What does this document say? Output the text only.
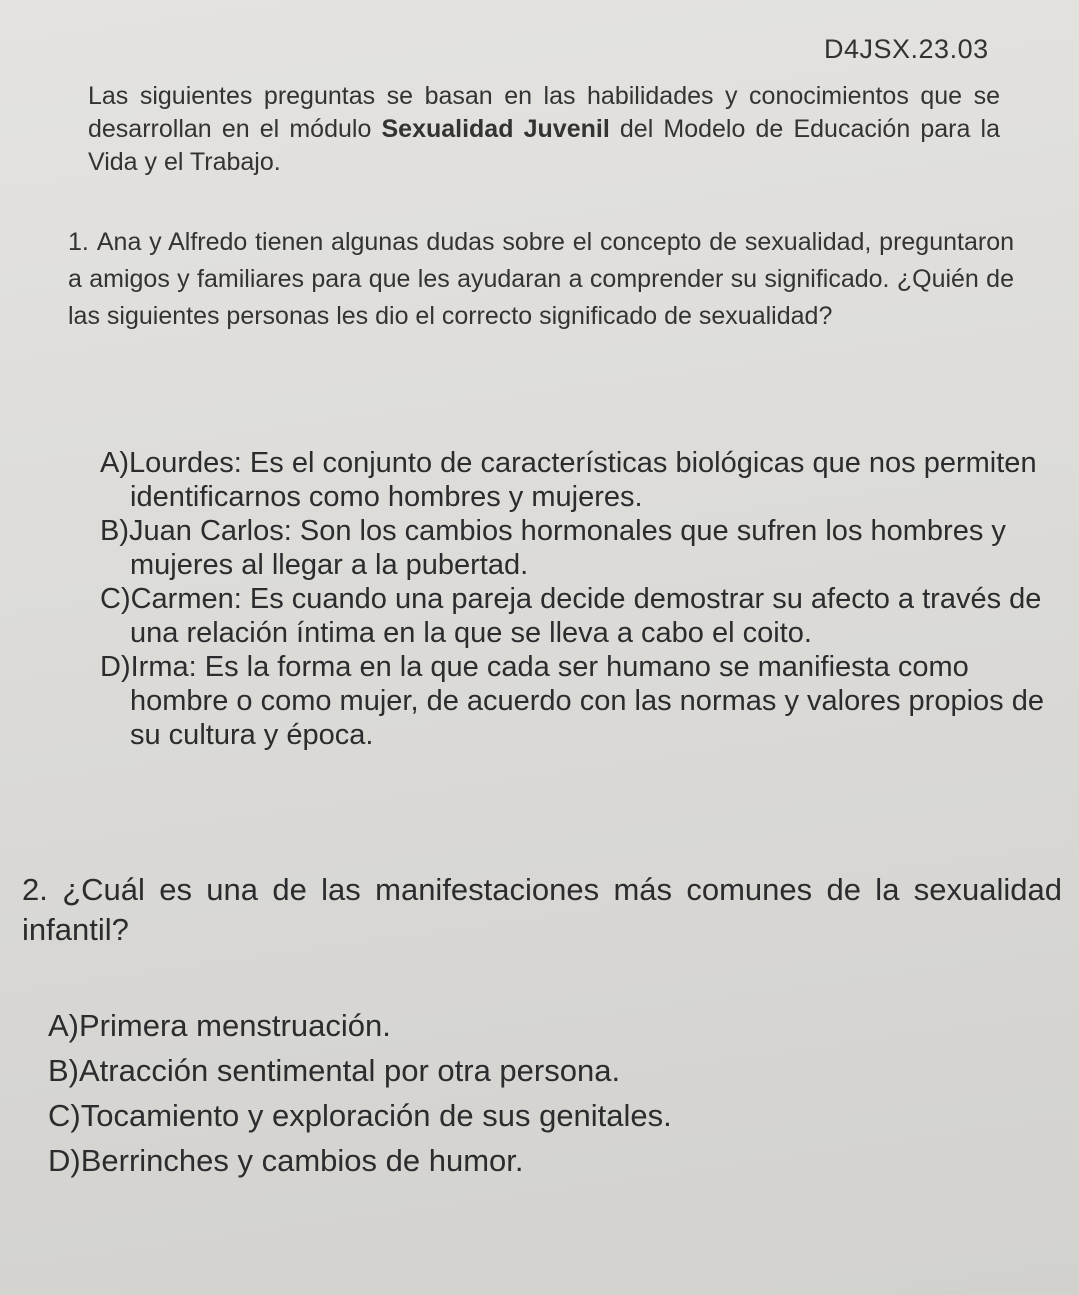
D4JSX.23.03
Las siguientes preguntas se basan en las habilidades y conocimientos que se desarrollan en el módulo Sexualidad Juvenil del Modelo de Educación para la Vida y el Trabajo.
1. Ana y Alfredo tienen algunas dudas sobre el concepto de sexualidad, preguntaron a amigos y familiares para que les ayudaran a comprender su significado. ¿Quién de las siguientes personas les dio el correcto significado de sexualidad?

A)Lourdes: Es el conjunto de características biológicas que nos permiten identificarnos como hombres y mujeres.

B)Juan Carlos: Son los cambios hormonales que sufren los hombres y mujeres al llegar a la pubertad.

C)Carmen: Es cuando una pareja decide demostrar su afecto a través de una relación íntima en la que se lleva a cabo el coito.

D)Irma: Es la forma en la que cada ser humano se manifiesta como hombre o como mujer, de acuerdo con las normas y valores propios de su cultura y época.

2. ¿Cuál es una de las manifestaciones más comunes de la sexualidad infantil?

A)Primera menstruación.

B)Atracción sentimental por otra persona.

C)Tocamiento y exploración de sus genitales.

D)Berrinches y cambios de humor.
